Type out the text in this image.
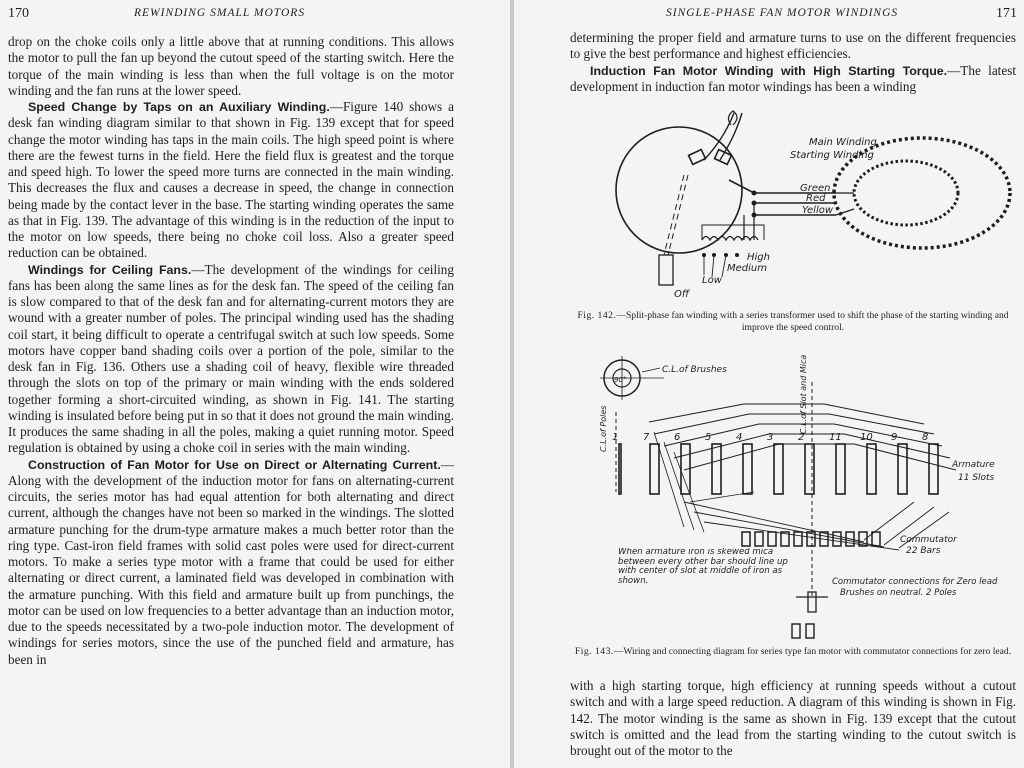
170	REWINDING SMALL MOTORS

drop on the choke coils only a little above that at running conditions. This allows the motor to pull the fan up beyond the cutout speed of the starting switch. Here the torque of the main winding is less than when the full voltage is on the motor winding and the fan runs at the lower speed.

Speed Change by Taps on an Auxiliary Winding.—Figure 140 shows a desk fan winding diagram similar to that shown in Fig. 139 except that for speed change the motor winding has taps in the main coils. The high speed point is where there are the fewest turns in the field. Here the field flux is greatest and the torque and speed high. To lower the speed more turns are connected in the main winding. This decreases the flux and causes a decrease in speed, the change in connection being made by the contact lever in the base. The starting winding operates the same as that in Fig. 139. The advantage of this winding is in the reduction of the input to the motor on low speeds, there being no choke coil loss. Also a greater speed reduction can be obtained.

Windings for Ceiling Fans.—The development of the windings for ceiling fans has been along the same lines as for the desk fan. The speed of the ceiling fan is slow compared to that of the desk fan and for alternating-current motors they are wound with a greater number of poles. The principal winding used has the shading coil start, it being difficult to operate a centrifugal switch at such low speeds. Some motors have copper band shading coils over a portion of the pole, similar to the desk fan in Fig. 136. Others use a shading coil of heavy, flexible wire threaded through the slots on top of the primary or main winding with the ends soldered together forming a short-circuited winding, as shown in Fig. 141. The starting winding is insulated before being put in so that it does not ground the main winding. It produces the same shading in all the poles, making a quiet running motor. Speed regulation is obtained by using a choke coil in series with the main winding.

Construction of Fan Motor for Use on Direct or Alternating Current.—Along with the development of the induction motor for fans on alternating-current circuits, the series motor has had equal attention for both alternating and direct current, although the changes have not been so marked in the windings. The slotted armature punching for the drum-type armature makes a much better rotor than the ring type. Cast-iron field frames with solid cast poles were used for direct-current motors. To make a series type motor with a frame that could be used for either alternating or direct current, a laminated field was developed in combination with the armature punching. With this field and armature built up from punchings, the motor can be used on low frequencies to a better advantage than an induction motor, due to the speeds necessitated by a two-pole induction motor. The development of windings for series motors, since the use of the punched field and armature, has been in

SINGLE-PHASE FAN MOTOR WINDINGS	171

determining the proper field and armature turns to use on the different frequencies to give the best performance and highest efficiencies.

Induction Fan Motor Winding with High Starting Torque.—The latest development in induction fan motor windings has been a winding

Main Winding
Starting Winding
Green
Red
Yellow
High
Medium
Low
Off
Fig. 142.—Split-phase fan winding with a series transformer used to shift the phase of the starting winding and improve the speed control.
1 7 6 5 4 3 2 11 10 9 8
90°
C.L.of Brushes
C.L.of Poles	C.L.of Slot and Mica
Armature
11 Slots
Commutator
22 Bars
Commutator connections for Zero lead
Brushes on neutral. 2 Poles
When armature iron is skewed mica between every other bar should line up with center of slot at middle of iron as shown.
Fig. 143.—Wiring and connecting diagram for series type fan motor with commutator connections for zero lead.

with a high starting torque, high efficiency at running speeds without a cutout switch and with a large speed reduction. A diagram of this winding is shown in Fig. 142. The motor winding is the same as shown in Fig. 139 except that the cutout switch is omitted and the lead from the starting winding to the cutout switch is brought out of the motor to the
